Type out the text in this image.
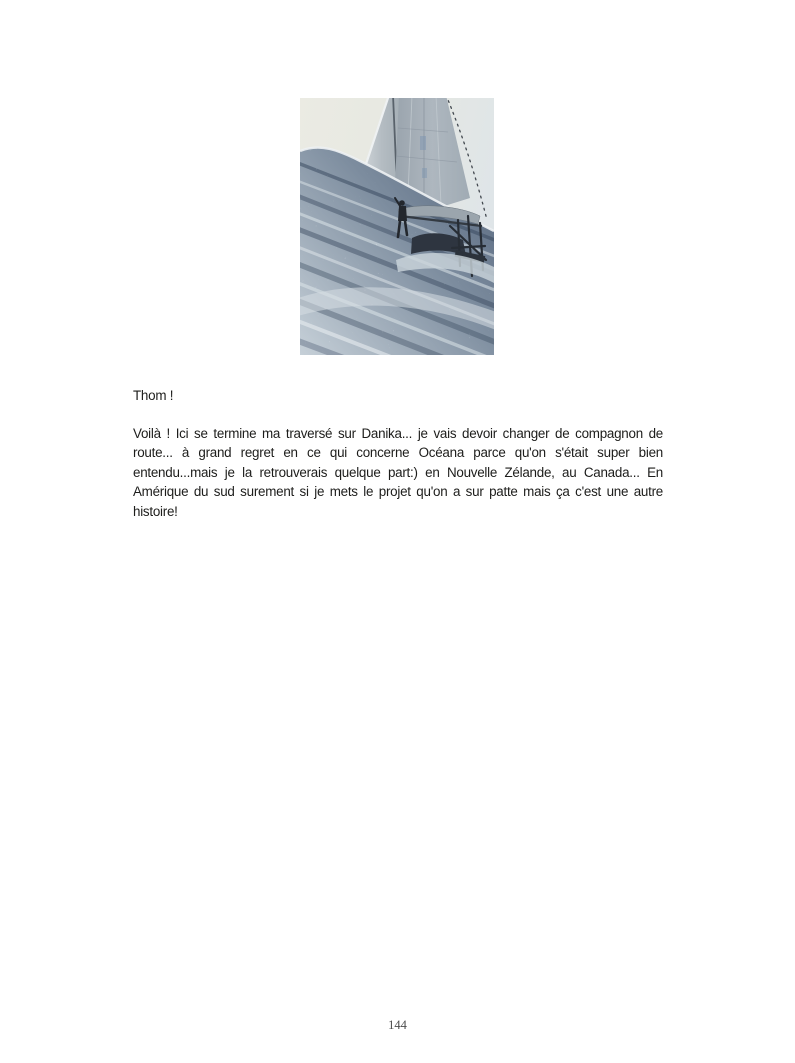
Thom !

Voilà ! Ici se termine ma traversé sur Danika... je vais devoir changer de compagnon de route... à grand regret en ce qui concerne Océana parce qu'on s'était super bien entendu...mais je la retrouverais quelque part:) en Nouvelle Zélande, au Canada... En Amérique du sud surement si je mets le projet qu'on a sur patte mais ça c'est une autre histoire!

144
